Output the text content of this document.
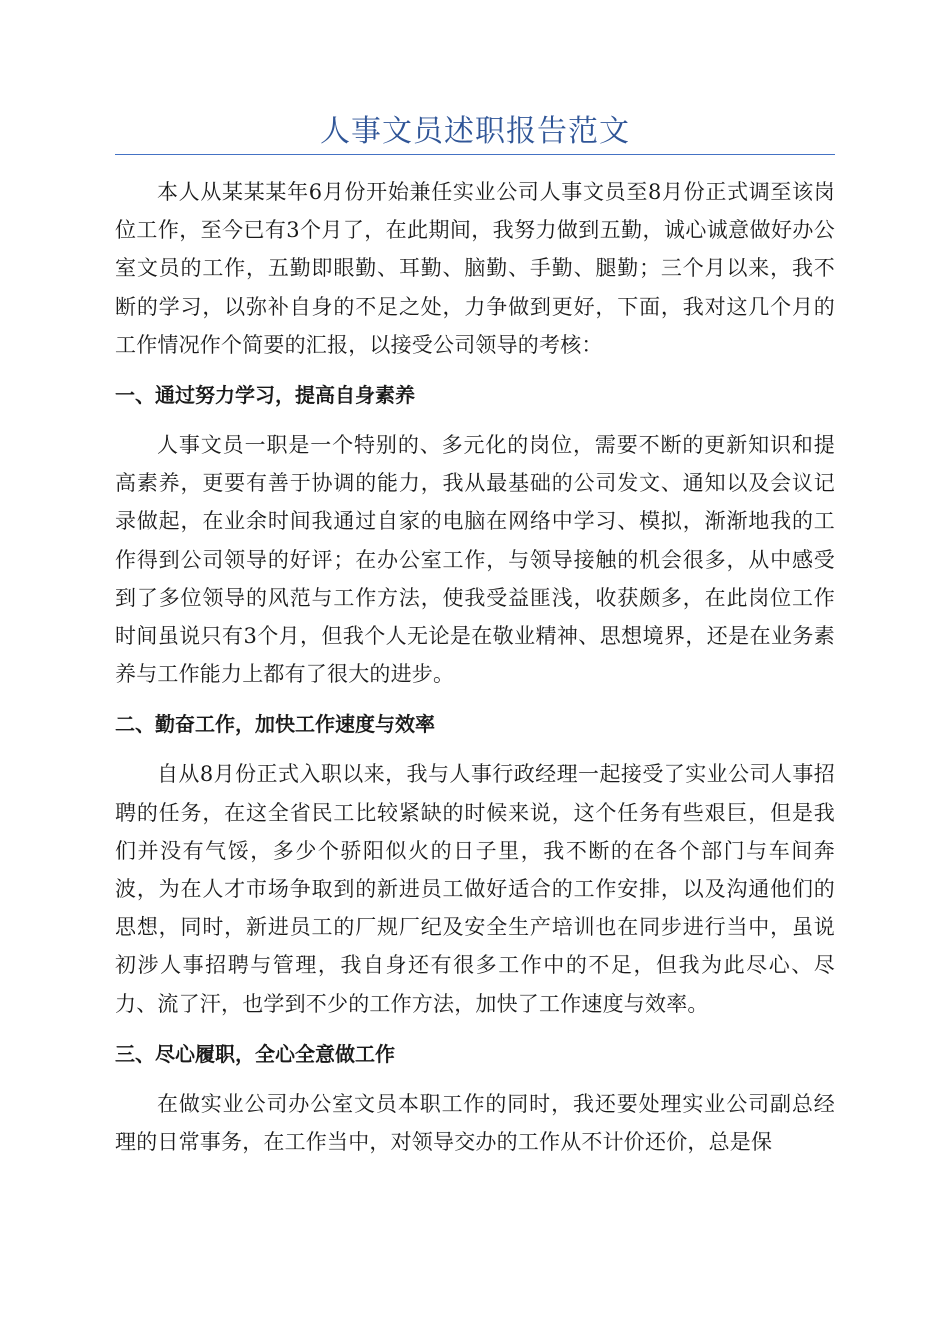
人事文员述职报告范文

本人从某某某年6月份开始兼任实业公司人事文员至8月份正式调至该岗位工作，至今已有3个月了，在此期间，我努力做到五勤，诚心诚意做好办公室文员的工作，五勤即眼勤、耳勤、脑勤、手勤、腿勤；三个月以来，我不断的学习，以弥补自身的不足之处，力争做到更好，下面，我对这几个月的工作情况作个简要的汇报，以接受公司领导的考核：

一、通过努力学习，提高自身素养

人事文员一职是一个特别的、多元化的岗位，需要不断的更新知识和提高素养，更要有善于协调的能力，我从最基础的公司发文、通知以及会议记录做起，在业余时间我通过自家的电脑在网络中学习、模拟，渐渐地我的工作得到公司领导的好评；在办公室工作，与领导接触的机会很多，从中感受到了多位领导的风范与工作方法，使我受益匪浅，收获颇多，在此岗位工作时间虽说只有3个月，但我个人无论是在敬业精神、思想境界，还是在业务素养与工作能力上都有了很大的进步。

二、勤奋工作，加快工作速度与效率

自从8月份正式入职以来，我与人事行政经理一起接受了实业公司人事招聘的任务，在这全省民工比较紧缺的时候来说，这个任务有些艰巨，但是我们并没有气馁，多少个骄阳似火的日子里，我不断的在各个部门与车间奔波，为在人才市场争取到的新进员工做好适合的工作安排，以及沟通他们的思想，同时，新进员工的厂规厂纪及安全生产培训也在同步进行当中，虽说初涉人事招聘与管理，我自身还有很多工作中的不足，但我为此尽心、尽力、流了汗，也学到不少的工作方法，加快了工作速度与效率。

三、尽心履职，全心全意做工作

在做实业公司办公室文员本职工作的同时，我还要处理实业公司副总经理的日常事务，在工作当中，对领导交办的工作从不计价还价，总是保
